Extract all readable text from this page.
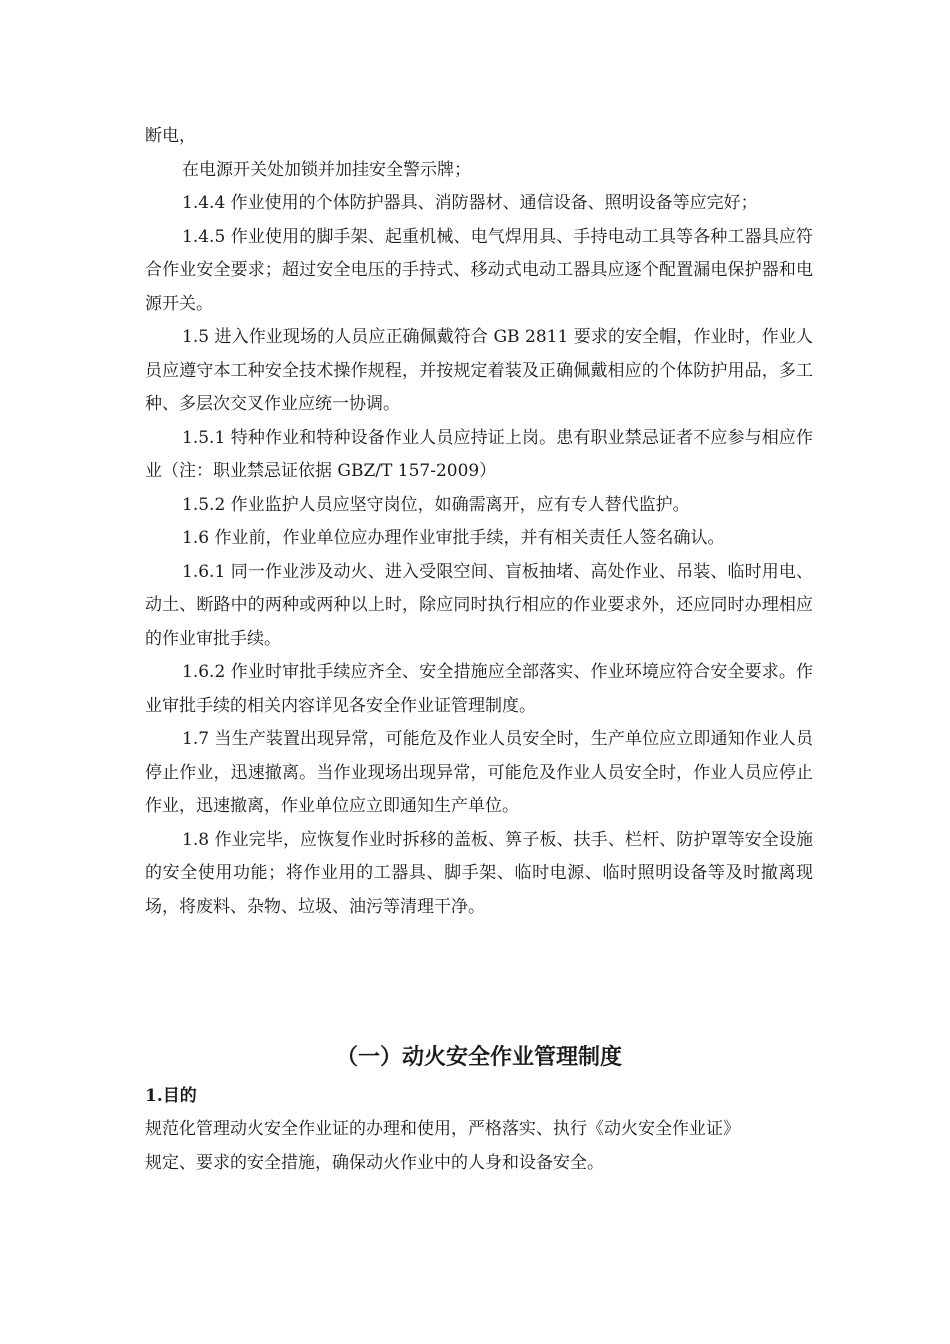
断电，

在电源开关处加锁并加挂安全警示牌；

1.4.4 作业使用的个体防护器具、消防器材、通信设备、照明设备等应完好；

1.4.5 作业使用的脚手架、起重机械、电气焊用具、手持电动工具等各种工器具应符合作业安全要求；超过安全电压的手持式、移动式电动工器具应逐个配置漏电保护器和电源开关。

1.5 进入作业现场的人员应正确佩戴符合 GB 2811 要求的安全帽，作业时，作业人员应遵守本工种安全技术操作规程，并按规定着装及正确佩戴相应的个体防护用品，多工种、多层次交叉作业应统一协调。

1.5.1 特种作业和特种设备作业人员应持证上岗。患有职业禁忌证者不应参与相应作业（注：职业禁忌证依据 GBZ/T 157-2009）

1.5.2 作业监护人员应坚守岗位，如确需离开，应有专人替代监护。

1.6 作业前，作业单位应办理作业审批手续，并有相关责任人签名确认。

1.6.1 同一作业涉及动火、进入受限空间、盲板抽堵、高处作业、吊装、临时用电、动土、断路中的两种或两种以上时，除应同时执行相应的作业要求外，还应同时办理相应的作业审批手续。

1.6.2 作业时审批手续应齐全、安全措施应全部落实、作业环境应符合安全要求。作业审批手续的相关内容详见各安全作业证管理制度。

1.7 当生产装置出现异常，可能危及作业人员安全时，生产单位应立即通知作业人员停止作业，迅速撤离。当作业现场出现异常，可能危及作业人员安全时，作业人员应停止作业，迅速撤离，作业单位应立即通知生产单位。

1.8 作业完毕，应恢复作业时拆移的盖板、箅子板、扶手、栏杆、防护罩等安全设施的安全使用功能；将作业用的工器具、脚手架、临时电源、临时照明设备等及时撤离现场，将废料、杂物、垃圾、油污等清理干净。

（一）动火安全作业管理制度

1.目的

规范化管理动火安全作业证的办理和使用，严格落实、执行《动火安全作业证》

规定、要求的安全措施，确保动火作业中的人身和设备安全。
